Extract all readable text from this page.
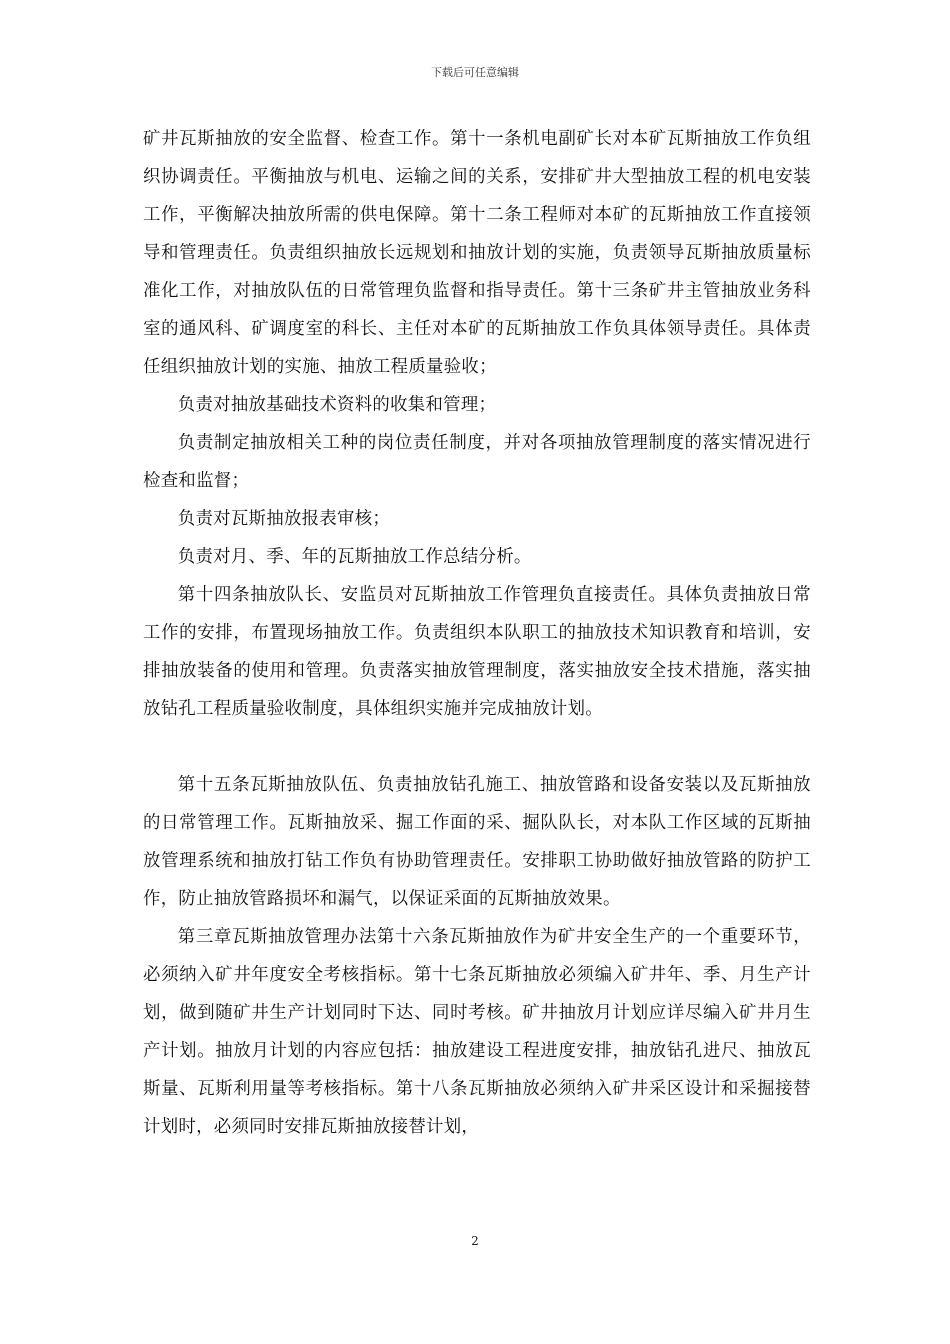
下载后可任意编辑

矿井瓦斯抽放的安全监督、检查工作。第十一条机电副矿长对本矿瓦斯抽放工作负组织协调责任。平衡抽放与机电、运输之间的关系，安排矿井大型抽放工程的机电安装工作，平衡解决抽放所需的供电保障。第十二条工程师对本矿的瓦斯抽放工作直接领导和管理责任。负责组织抽放长远规划和抽放计划的实施，负责领导瓦斯抽放质量标准化工作，对抽放队伍的日常管理负监督和指导责任。第十三条矿井主管抽放业务科室的通风科、矿调度室的科长、主任对本矿的瓦斯抽放工作负具体领导责任。具体责任组织抽放计划的实施、抽放工程质量验收；

负责对抽放基础技术资料的收集和管理；

负责制定抽放相关工种的岗位责任制度，并对各项抽放管理制度的落实情况进行检查和监督；

负责对瓦斯抽放报表审核；

负责对月、季、年的瓦斯抽放工作总结分析。

第十四条抽放队长、安监员对瓦斯抽放工作管理负直接责任。具体负责抽放日常工作的安排，布置现场抽放工作。负责组织本队职工的抽放技术知识教育和培训，安排抽放装备的使用和管理。负责落实抽放管理制度，落实抽放安全技术措施，落实抽放钻孔工程质量验收制度，具体组织实施并完成抽放计划。

第十五条瓦斯抽放队伍、负责抽放钻孔施工、抽放管路和设备安装以及瓦斯抽放的日常管理工作。瓦斯抽放采、掘工作面的采、掘队队长，对本队工作区域的瓦斯抽放管理系统和抽放打钻工作负有协助管理责任。安排职工协助做好抽放管路的防护工作，防止抽放管路损坏和漏气，以保证采面的瓦斯抽放效果。

第三章瓦斯抽放管理办法第十六条瓦斯抽放作为矿井安全生产的一个重要环节，必须纳入矿井年度安全考核指标。第十七条瓦斯抽放必须编入矿井年、季、月生产计划，做到随矿井生产计划同时下达、同时考核。矿井抽放月计划应详尽编入矿井月生产计划。抽放月计划的内容应包括：抽放建设工程进度安排，抽放钻孔进尺、抽放瓦斯量、瓦斯利用量等考核指标。第十八条瓦斯抽放必须纳入矿井采区设计和采掘接替计划时，必须同时安排瓦斯抽放接替计划，

2
